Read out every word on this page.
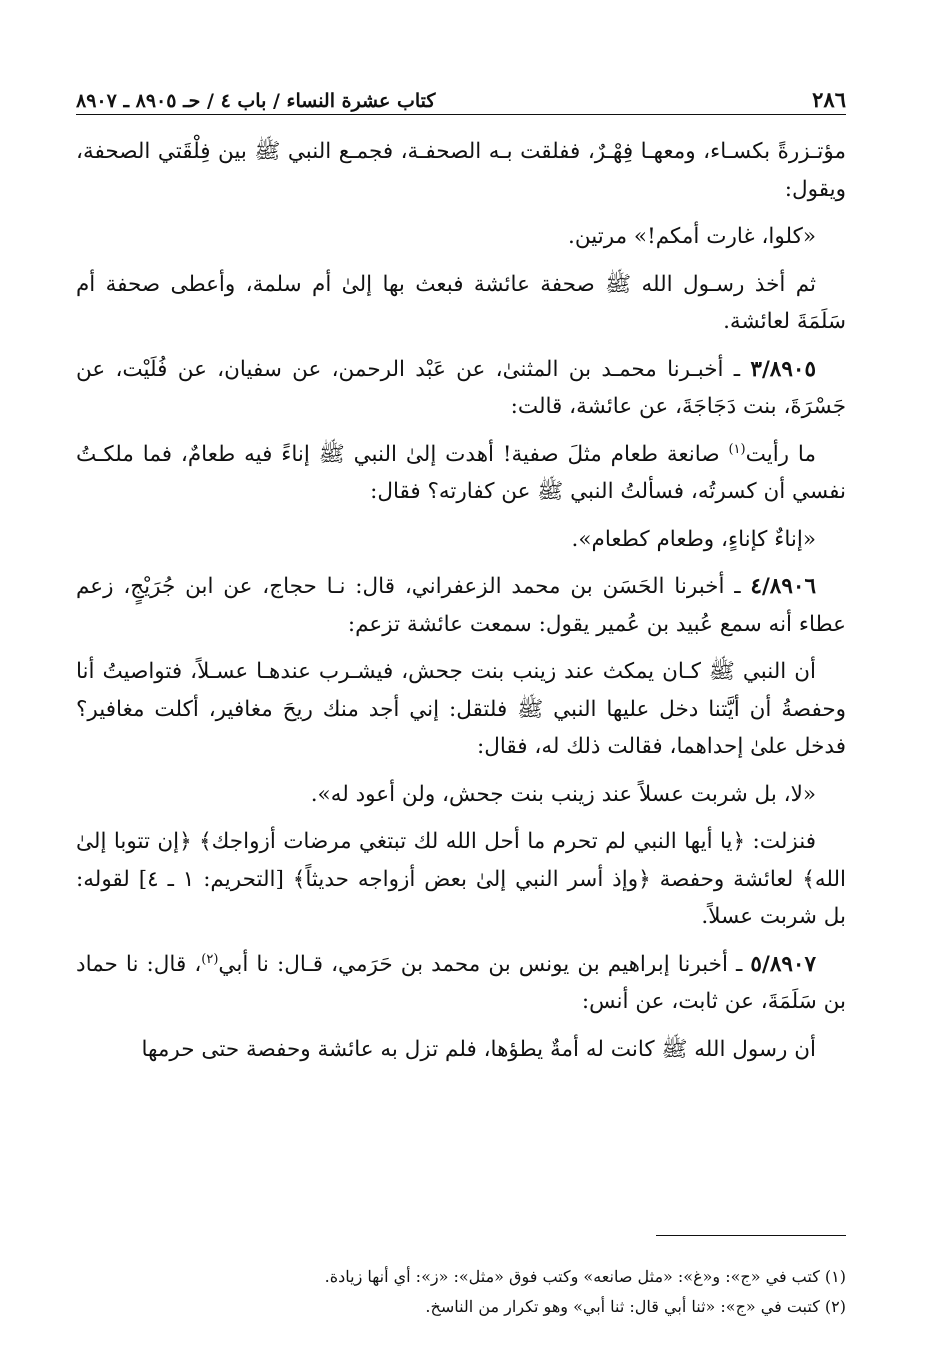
٢٨٦
كتاب عشرة النساء / باب ٤ / حـ ٨٩٠٥ ـ ٨٩٠٧

مؤتـزرةً بكسـاء، ومعهـا فِهْـرٌ، ففلقت بـه الصحفـة، فجمـع النبي ﷺ بين فِلْقَتي الصحفة، ويقول:

«كلوا، غارت أمكم!» مرتين.

ثم أخذ رسـول الله ﷺ صحفة عائشة فبعث بها إلىٰ أم سلمة، وأعطى صحفة أم سَلَمَةَ لعائشة.

٣/٨٩٠٥ ـ أخبـرنا محمـد بن المثنىٰ، عن عَبْد الرحمن، عن سفيان، عن فُلَيْت، عن جَسْرَةَ، بنت دَجَاجَةَ، عن عائشة، قالت:

ما رأيت$^{(١)}$ صانعة طعام مثلَ صفية! أهدت إلىٰ النبي ﷺ إناءً فيه طعامٌ، فما ملكـتُ نفسي أن كسرتُه، فسألتُ النبي ﷺ عن كفارته؟ فقال:

«إناءٌ كإناءٍ، وطعام كطعام».

٤/٨٩٠٦ ـ أخبرنا الحَسَن بن محمد الزعفراني، قال: نـا حجاج، عن ابن جُرَيْجٍ، زعم عطاء أنه سمع عُبيد بن عُمير يقول: سمعت عائشة تزعم:

أن النبي ﷺ كـان يمكث عند زينب بنت جحش، فيشـرب عندهـا عسـلاً، فتواصيتُ أنا وحفصةُ أن أيَّتنا دخل عليها النبي ﷺ فلتقل: إني أجد منك ريحَ مغافير، أكلت مغافير؟ فدخل علىٰ إحداهما، فقالت ذلك له، فقال:

«لا، بل شربت عسلاً عند زينب بنت جحش، ولن أعود له».

فنزلت: ﴿يا أيها النبي لم تحرم ما أحل الله لك تبتغي مرضات أزواجك﴾ ﴿إن تتوبا إلىٰ الله﴾ لعائشة وحفصة ﴿وإذ أسر النبي إلىٰ بعض أزواجه حديثاً﴾ [التحريم: ١ ـ ٤] لقوله: بل شربت عسلاً.

٥/٨٩٠٧ ـ أخبرنا إبراهيم بن يونس بن محمد بن حَرَمي، قـال: نا أبي$^{(٢)}$، قال: نا حماد بن سَلَمَةَ، عن ثابت، عن أنس:

أن رسول الله ﷺ كانت له أمةٌ يطؤها، فلم تزل به عائشة وحفصة حتى حرمها

(١) كتب في «ج»: و«غ»: «مثل صانعه» وكتب فوق «مثل»: «ز»: أي أنها زيادة.

(٢) كتبت في «ج»: «ثنا أبي قال: ثنا أبي» وهو تكرار من الناسخ.
